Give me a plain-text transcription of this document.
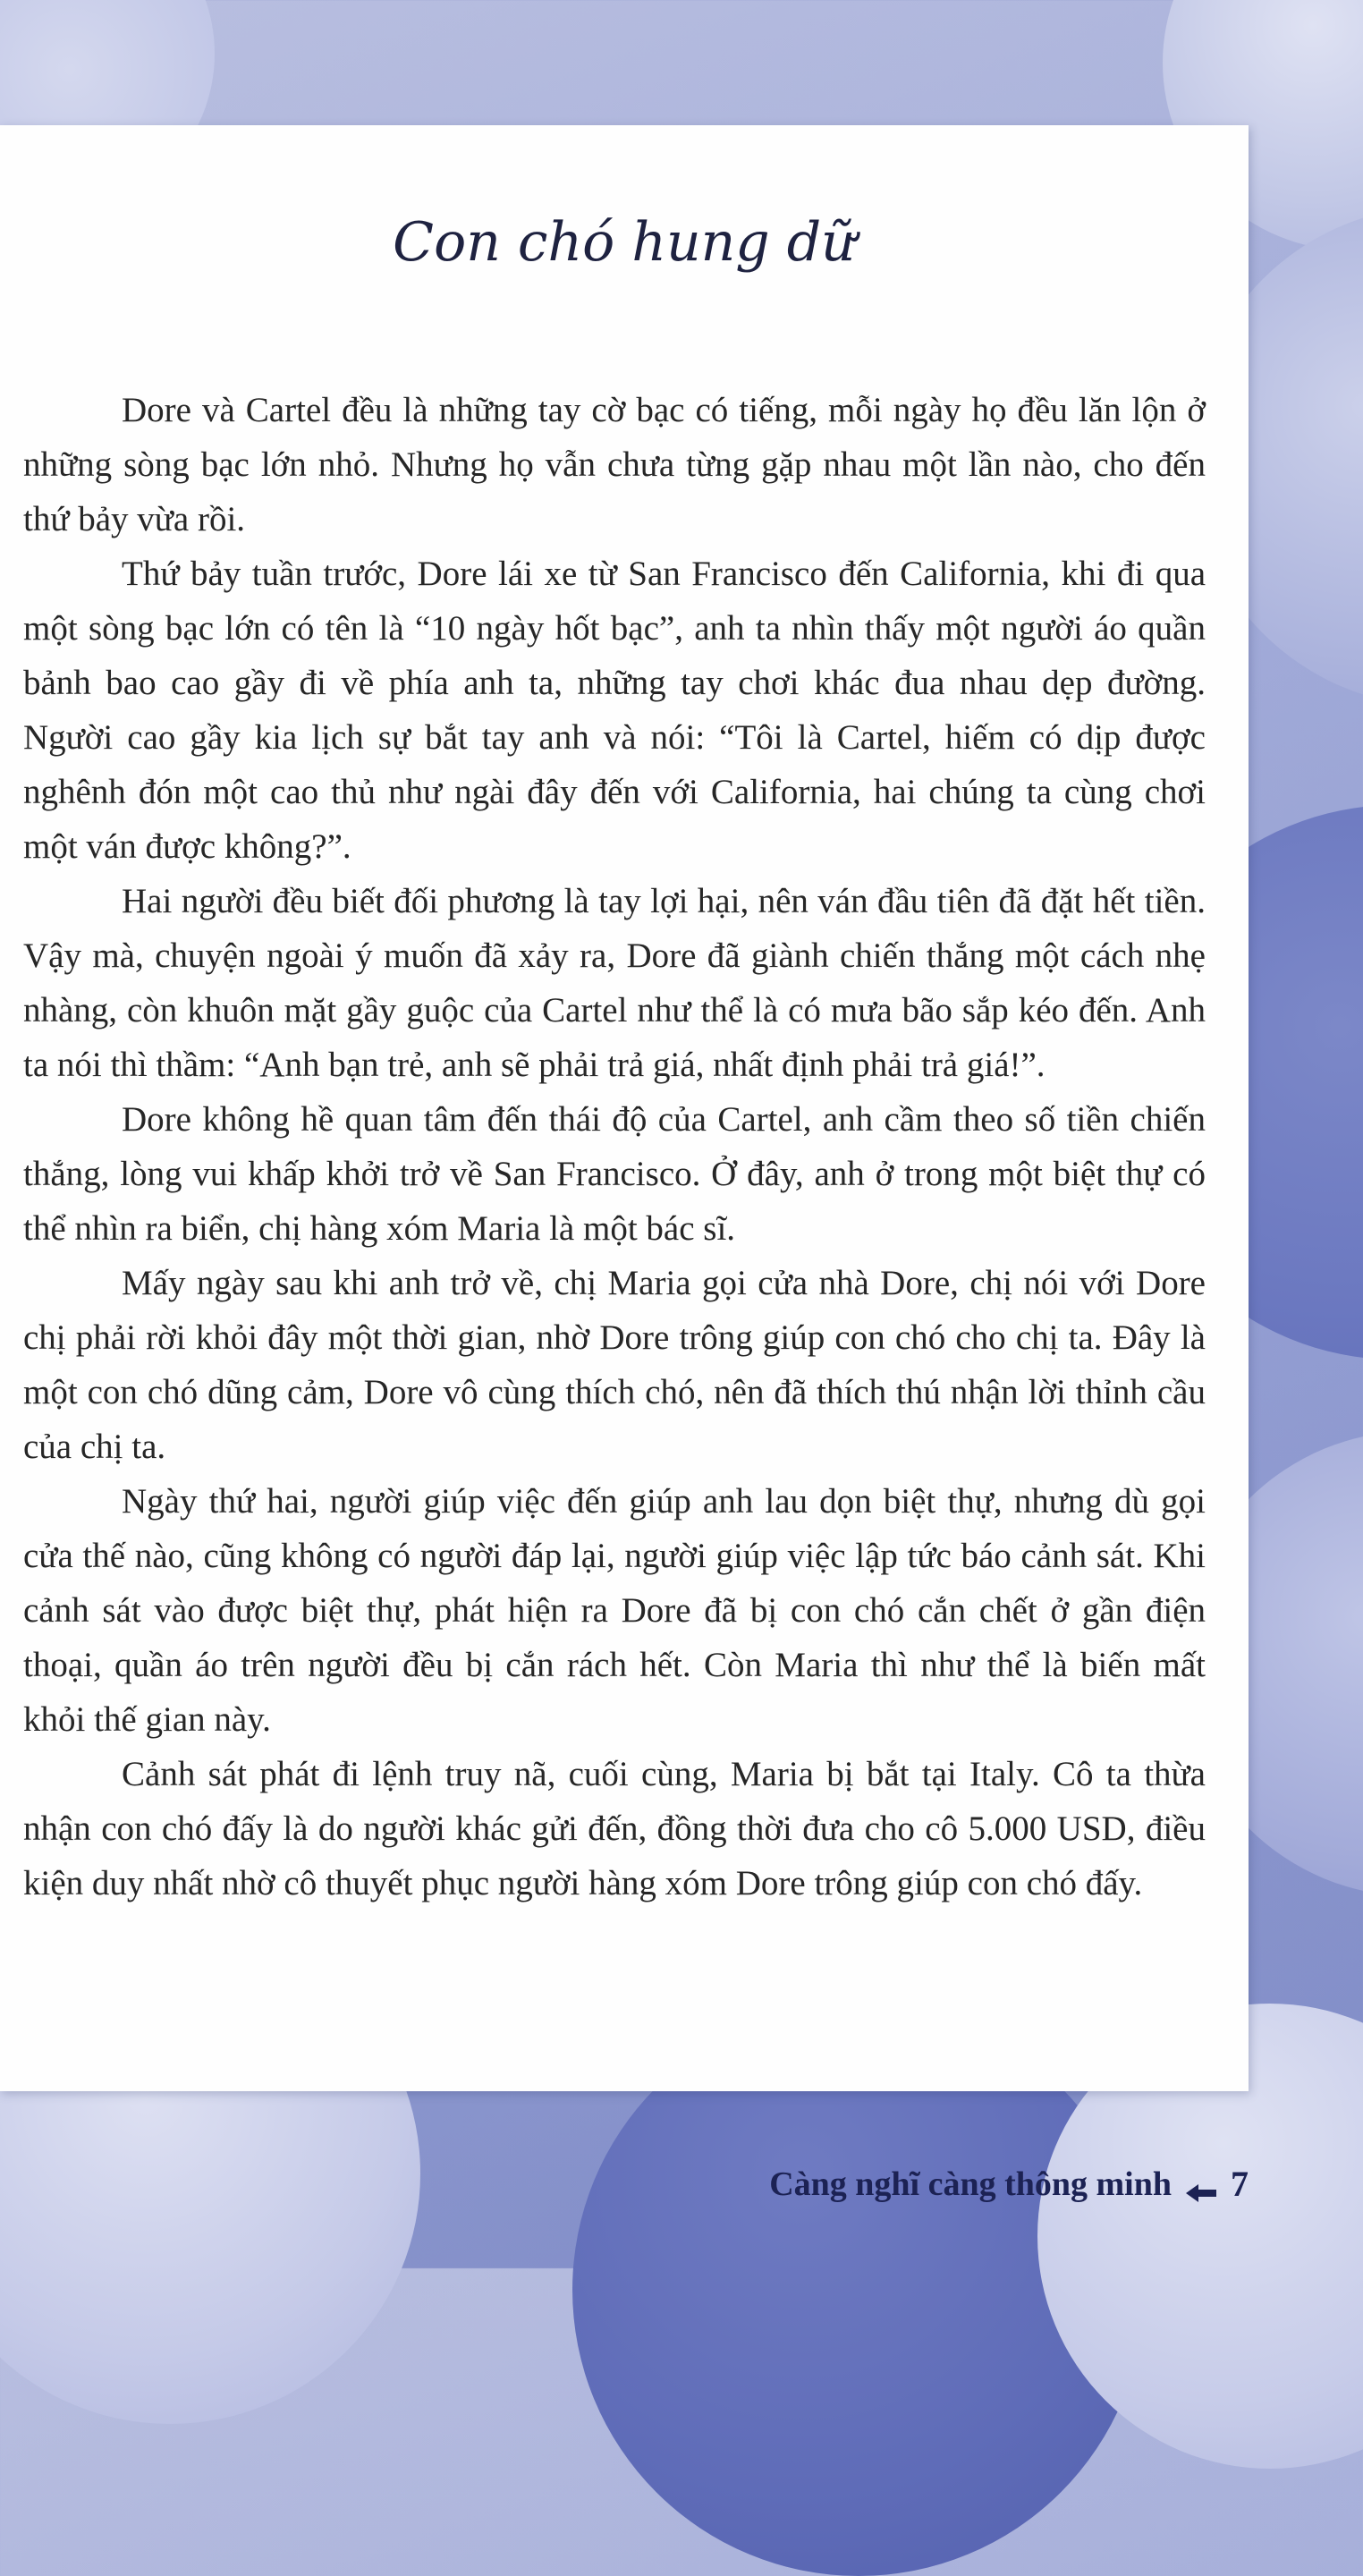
Con chó hung dữ

Dore và Cartel đều là những tay cờ bạc có tiếng, mỗi ngày họ đều lăn lộn ở những sòng bạc lớn nhỏ. Nhưng họ vẫn chưa từng gặp nhau một lần nào, cho đến thứ bảy vừa rồi.

Thứ bảy tuần trước, Dore lái xe từ San Francisco đến California, khi đi qua một sòng bạc lớn có tên là “10 ngày hốt bạc”, anh ta nhìn thấy một người áo quần bảnh bao cao gầy đi về phía anh ta, những tay chơi khác đua nhau dẹp đường. Người cao gầy kia lịch sự bắt tay anh và nói: “Tôi là Cartel, hiếm có dịp được nghênh đón một cao thủ như ngài đây đến với California, hai chúng ta cùng chơi một ván được không?”.

Hai người đều biết đối phương là tay lợi hại, nên ván đầu tiên đã đặt hết tiền. Vậy mà, chuyện ngoài ý muốn đã xảy ra, Dore đã giành chiến thắng một cách nhẹ nhàng, còn khuôn mặt gầy guộc của Cartel như thể là có mưa bão sắp kéo đến. Anh ta nói thì thầm: “Anh bạn trẻ, anh sẽ phải trả giá, nhất định phải trả giá!”.

Dore không hề quan tâm đến thái độ của Cartel, anh cầm theo số tiền chiến thắng, lòng vui khấp khởi trở về San Francisco. Ở đây, anh ở trong một biệt thự có thể nhìn ra biển, chị hàng xóm Maria là một bác sĩ.

Mấy ngày sau khi anh trở về, chị Maria gọi cửa nhà Dore, chị nói với Dore chị phải rời khỏi đây một thời gian, nhờ Dore trông giúp con chó cho chị ta. Đây là một con chó dũng cảm, Dore vô cùng thích chó, nên đã thích thú nhận lời thỉnh cầu của chị ta.

Ngày thứ hai, người giúp việc đến giúp anh lau dọn biệt thự, nhưng dù gọi cửa thế nào, cũng không có người đáp lại, người giúp việc lập tức báo cảnh sát. Khi cảnh sát vào được biệt thự, phát hiện ra Dore đã bị con chó cắn chết ở gần điện thoại, quần áo trên người đều bị cắn rách hết. Còn Maria thì như thể là biến mất khỏi thế gian này.

Cảnh sát phát đi lệnh truy nã, cuối cùng, Maria bị bắt tại Italy. Cô ta thừa nhận con chó đấy là do người khác gửi đến, đồng thời đưa cho cô 5.000 USD, điều kiện duy nhất nhờ cô thuyết phục người hàng xóm Dore trông giúp con chó đấy.

Càng nghĩ càng thông minh 7
